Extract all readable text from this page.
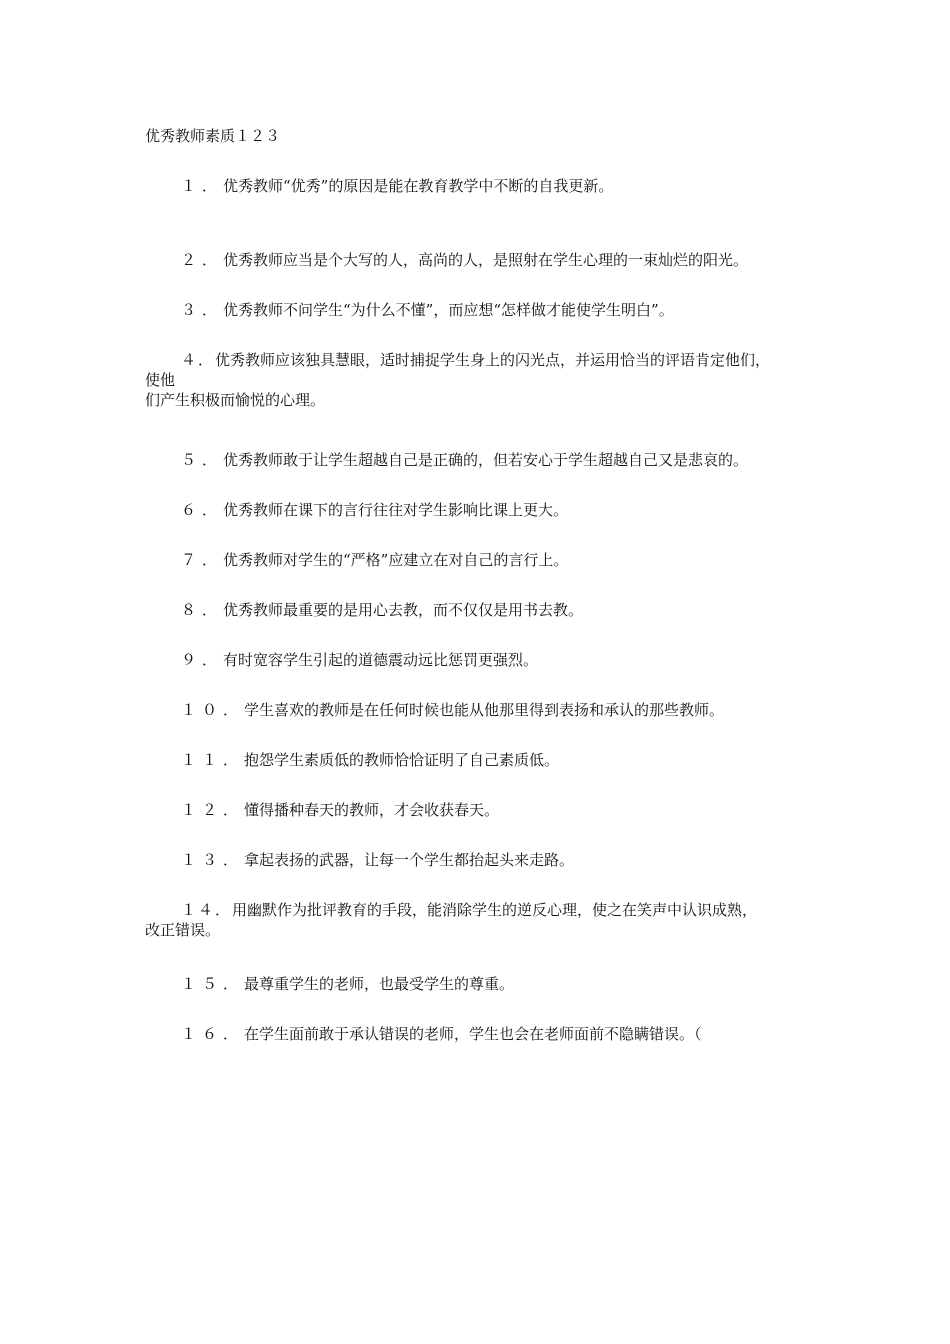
优秀教师素质１２３
１．优秀教师“优秀”的原因是能在教育教学中不断的自我更新。
２．优秀教师应当是个大写的人，高尚的人，是照射在学生心理的一束灿烂的阳光。
３．优秀教师不问学生“为什么不懂”，而应想“怎样做才能使学生明白”。
４．优秀教师应该独具慧眼，适时捕捉学生身上的闪光点，并运用恰当的评语肯定他们，
使他
们产生积极而愉悦的心理。
５．优秀教师敢于让学生超越自己是正确的，但若安心于学生超越自己又是悲哀的。
６．优秀教师在课下的言行往往对学生影响比课上更大。
７．优秀教师对学生的“严格”应建立在对自己的言行上。
８．优秀教师最重要的是用心去教，而不仅仅是用书去教。
９．有时宽容学生引起的道德震动远比惩罚更强烈。
１０．学生喜欢的教师是在任何时候也能从他那里得到表扬和承认的那些教师。
１１．抱怨学生素质低的教师恰恰证明了自己素质低。
１２．懂得播种春天的教师，才会收获春天。
１３．拿起表扬的武器，让每一个学生都抬起头来走路。
１４．用幽默作为批评教育的手段，能消除学生的逆反心理，使之在笑声中认识成熟，
改正错误。
１５．最尊重学生的老师，也最受学生的尊重。
１６．在学生面前敢于承认错误的老师，学生也会在老师面前不隐瞒错误。（
